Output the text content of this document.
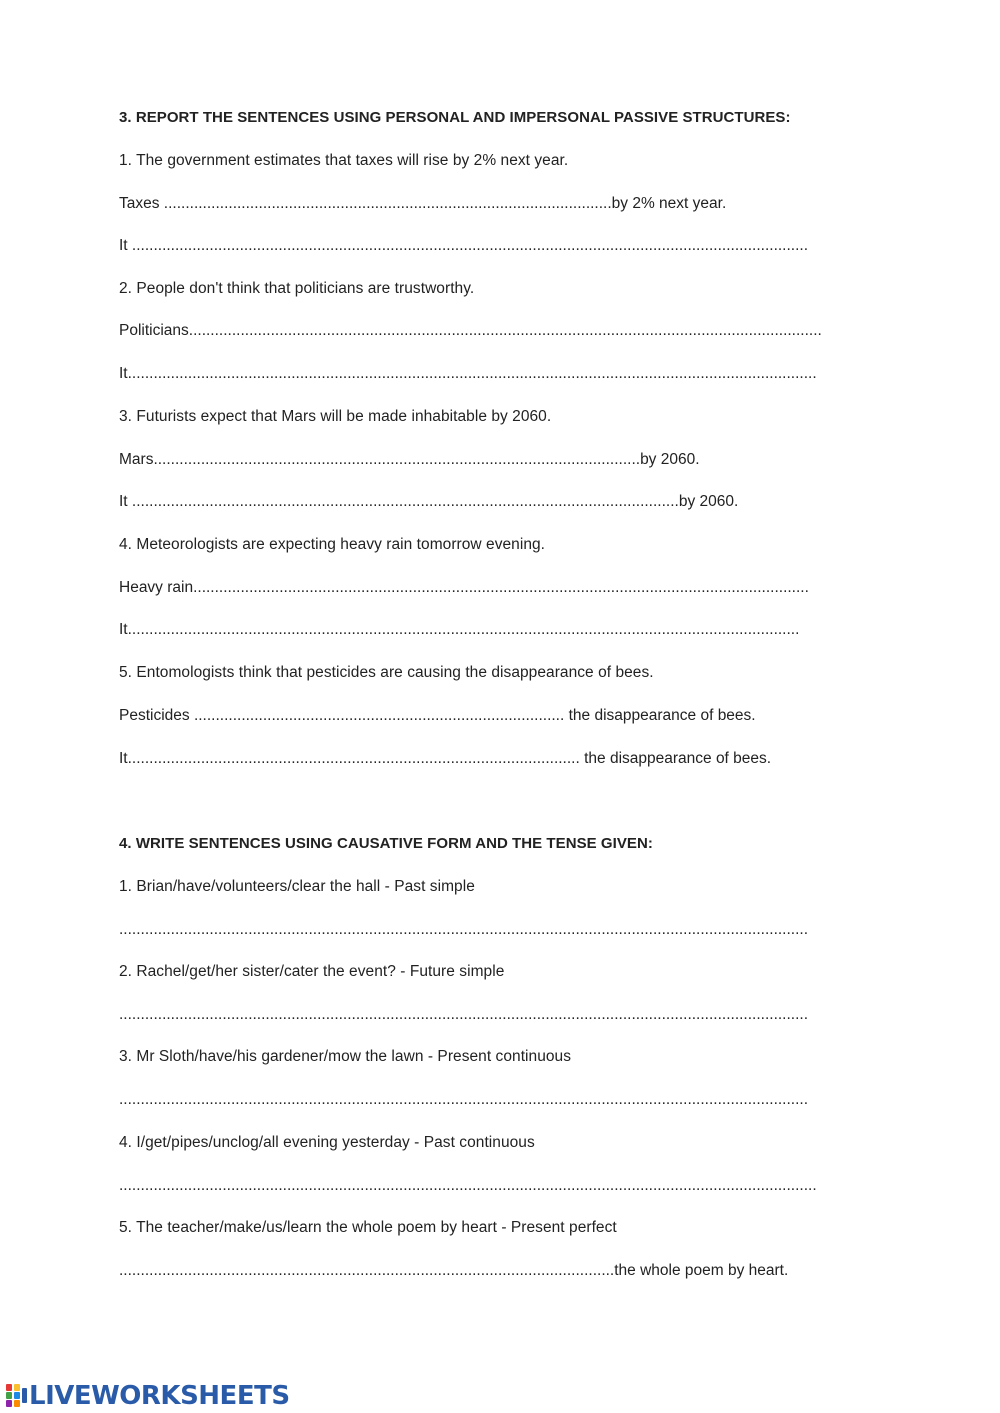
3. REPORT THE SENTENCES USING PERSONAL AND IMPERSONAL PASSIVE STRUCTURES:
1. The government estimates that taxes will rise by 2% next year.
Taxes ........................................................................................................by 2% next year.
It .............................................................................................................................................................
2. People don't think that politicians are trustworthy.
Politicians...................................................................................................................................................
It................................................................................................................................................................
3. Futurists expect that Mars will be made inhabitable by 2060.
Mars.................................................................................................................by 2060.
It ...............................................................................................................................by 2060.
4. Meteorologists are expecting heavy rain tomorrow evening.
Heavy rain...............................................................................................................................................
It............................................................................................................................................................
5. Entomologists think that pesticides are causing the disappearance of bees.
Pesticides ...................................................................................... the disappearance of bees.
It......................................................................................................... the disappearance of bees.
4. WRITE SENTENCES USING CAUSATIVE FORM AND THE TENSE GIVEN:
1. Brian/have/volunteers/clear the hall - Past simple
................................................................................................................................................................
2. Rachel/get/her sister/cater the event? - Future simple
................................................................................................................................................................
3. Mr Sloth/have/his gardener/mow the lawn - Present continuous
................................................................................................................................................................
4. I/get/pipes/unclog/all evening yesterday - Past continuous
..................................................................................................................................................................
5. The teacher/make/us/learn the whole poem by heart - Present perfect
...................................................................................................................the whole poem by heart.
LIVEWORKSHEETS
